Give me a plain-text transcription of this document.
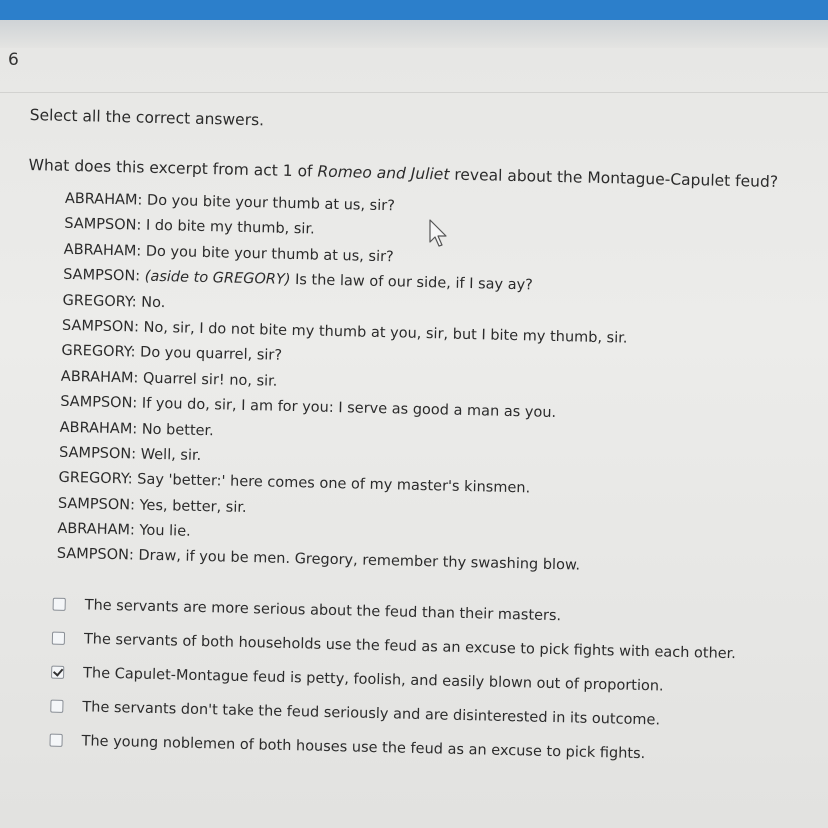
6
Select all the correct answers.
What does this excerpt from act 1 of Romeo and Juliet reveal about the Montague-Capulet feud?
ABRAHAM: Do you bite your thumb at us, sir?
SAMPSON: I do bite my thumb, sir.
ABRAHAM: Do you bite your thumb at us, sir?
SAMPSON: (aside to GREGORY) Is the law of our side, if I say ay?
GREGORY: No.
SAMPSON: No, sir, I do not bite my thumb at you, sir, but I bite my thumb, sir.
GREGORY: Do you quarrel, sir?
ABRAHAM: Quarrel sir! no, sir.
SAMPSON: If you do, sir, I am for you: I serve as good a man as you.
ABRAHAM: No better.
SAMPSON: Well, sir.
GREGORY: Say 'better:' here comes one of my master's kinsmen.
SAMPSON: Yes, better, sir.
ABRAHAM: You lie.
SAMPSON: Draw, if you be men. Gregory, remember thy swashing blow.
The servants are more serious about the feud than their masters.
The servants of both households use the feud as an excuse to pick fights with each other.
The Capulet-Montague feud is petty, foolish, and easily blown out of proportion.
The servants don't take the feud seriously and are disinterested in its outcome.
The young noblemen of both houses use the feud as an excuse to pick fights.
